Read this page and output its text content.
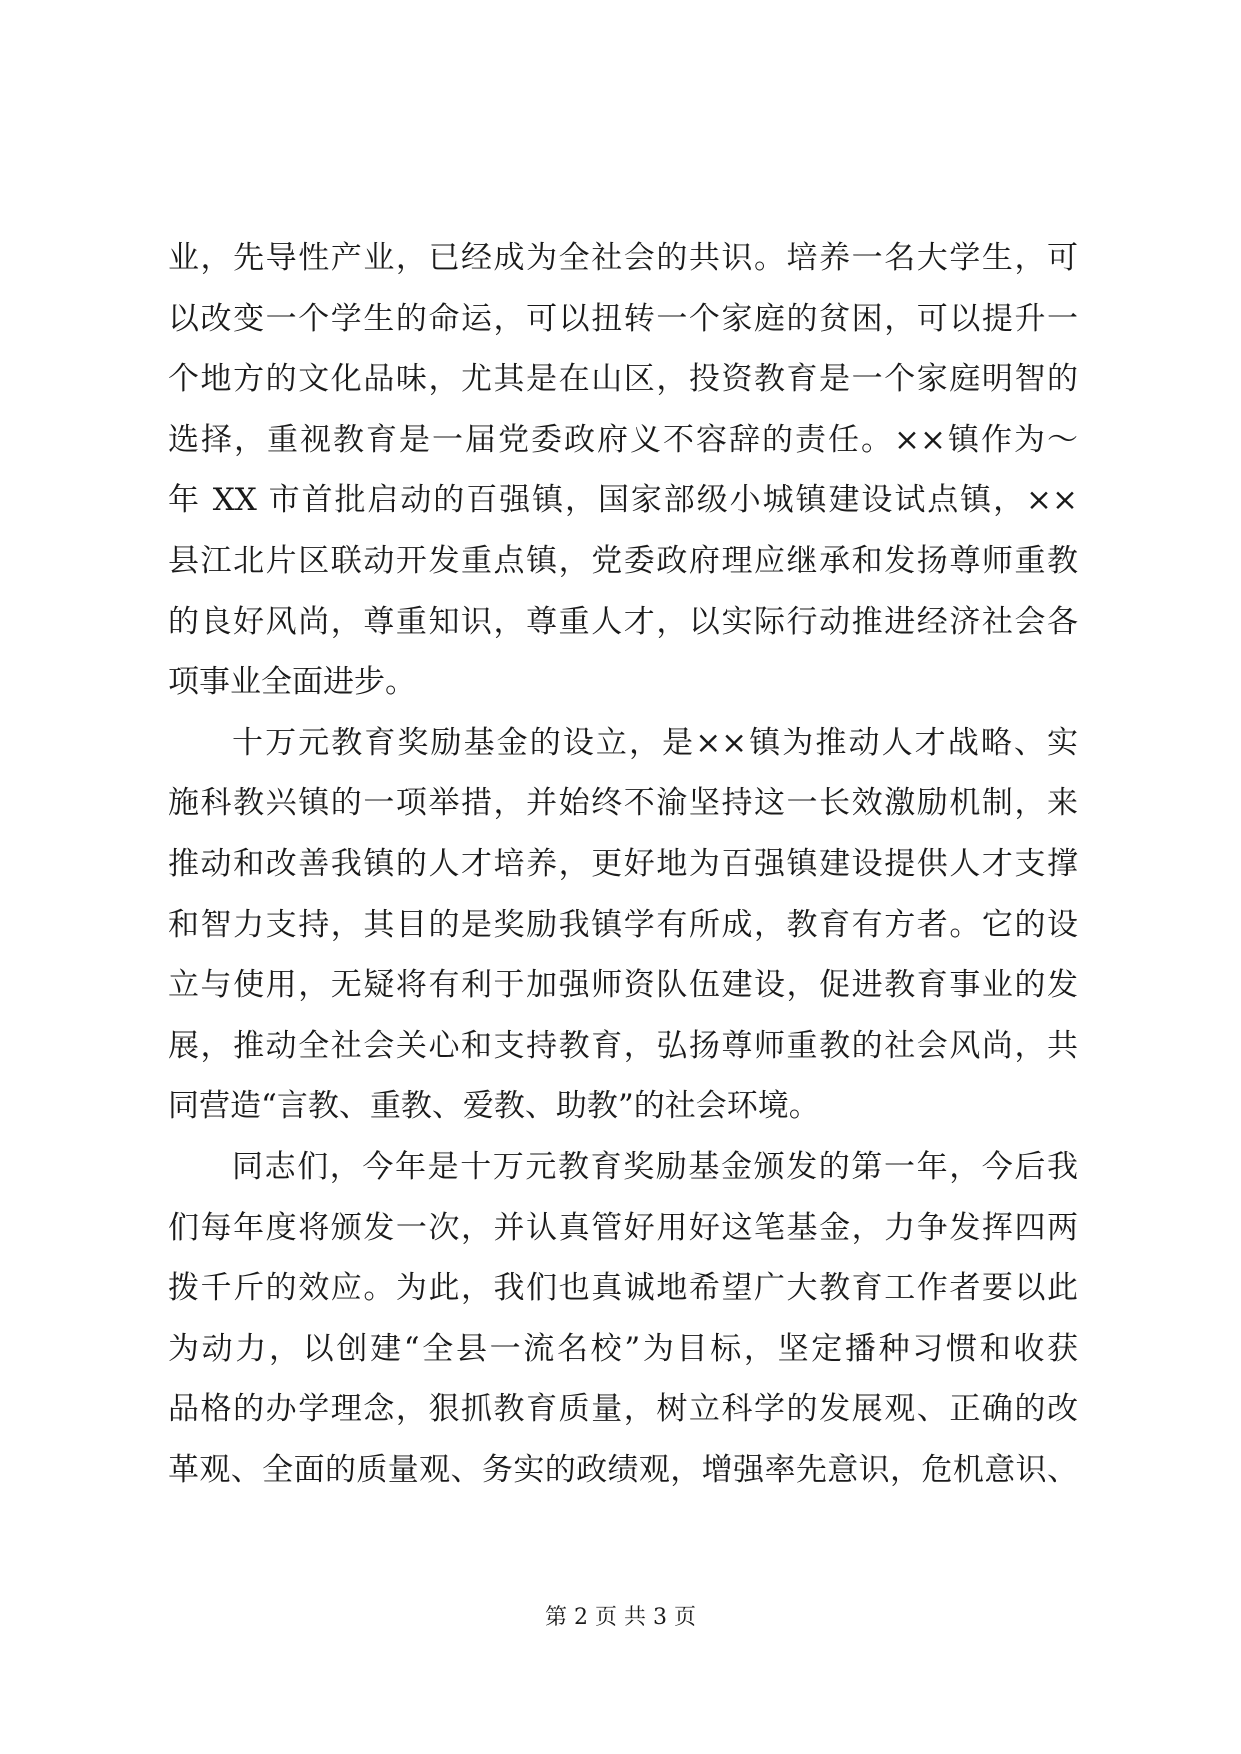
业，先导性产业，已经成为全社会的共识。培养一名大学生，可
以改变一个学生的命运，可以扭转一个家庭的贫困，可以提升一
个地方的文化品味，尤其是在山区，投资教育是一个家庭明智的
选择，重视教育是一届党委政府义不容辞的责任。××镇作为～
年 XX 市首批启动的百强镇，国家部级小城镇建设试点镇，××
县江北片区联动开发重点镇，党委政府理应继承和发扬尊师重教
的良好风尚，尊重知识，尊重人才，以实际行动推进经济社会各
项事业全面进步。
十万元教育奖励基金的设立，是××镇为推动人才战略、实
施科教兴镇的一项举措，并始终不渝坚持这一长效激励机制，来
推动和改善我镇的人才培养，更好地为百强镇建设提供人才支撑
和智力支持，其目的是奖励我镇学有所成，教育有方者。它的设
立与使用，无疑将有利于加强师资队伍建设，促进教育事业的发
展，推动全社会关心和支持教育，弘扬尊师重教的社会风尚，共
同营造“言教、重教、爱教、助教”的社会环境。
同志们，今年是十万元教育奖励基金颁发的第一年，今后我
们每年度将颁发一次，并认真管好用好这笔基金，力争发挥四两
拨千斤的效应。为此，我们也真诚地希望广大教育工作者要以此
为动力，以创建“全县一流名校”为目标，坚定播种习惯和收获
品格的办学理念，狠抓教育质量，树立科学的发展观、正确的改
革观、全面的质量观、务实的政绩观，增强率先意识，危机意识、
第 2 页 共 3 页
